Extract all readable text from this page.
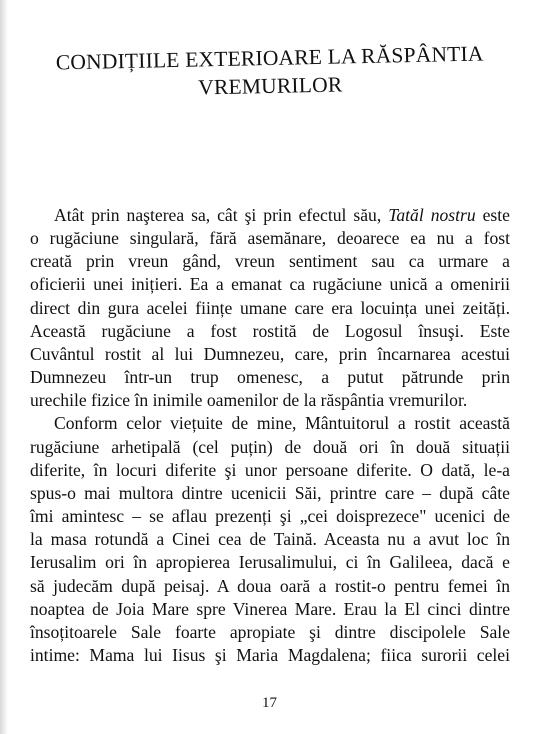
CONDIȚIILE EXTERIOARE LA RĂSPÂNTIA
VREMURILOR

Atât prin naşterea sa, cât şi prin efectul său, Tatăl nostru este
o rugăciune singulară, fără asemănare, deoarece ea nu a fost
creată prin vreun gând, vreun sentiment sau ca urmare a
oficierii unei inițieri. Ea a emanat ca rugăciune unică a omenirii
direct din gura acelei ființe umane care era locuința unei zeități.
Această rugăciune a fost rostită de Logosul însuşi. Este
Cuvântul rostit al lui Dumnezeu, care, prin încarnarea acestui
Dumnezeu într-un trup omenesc, a putut pătrunde prin
urechile fizice în inimile oamenilor de la răspântia vremurilor.

Conform celor viețuite de mine, Mântuitorul a rostit această
rugăciune arhetipală (cel puțin) de două ori în două situații
diferite, în locuri diferite şi unor persoane diferite. O dată, le-a
spus-o mai multora dintre ucenicii Săi, printre care – după câte
îmi amintesc – se aflau prezenți şi „cei doisprezece" ucenici de
la masa rotundă a Cinei cea de Taină. Aceasta nu a avut loc în
Ierusalim ori în apropierea Ierusalimului, ci în Galileea, dacă e
să judecăm după peisaj. A doua oară a rostit-o pentru femei în
noaptea de Joia Mare spre Vinerea Mare. Erau la El cinci dintre
însoțitoarele Sale foarte apropiate şi dintre discipolele Sale
intime: Mama lui Iisus şi Maria Magdalena; fiica surorii celei

17
